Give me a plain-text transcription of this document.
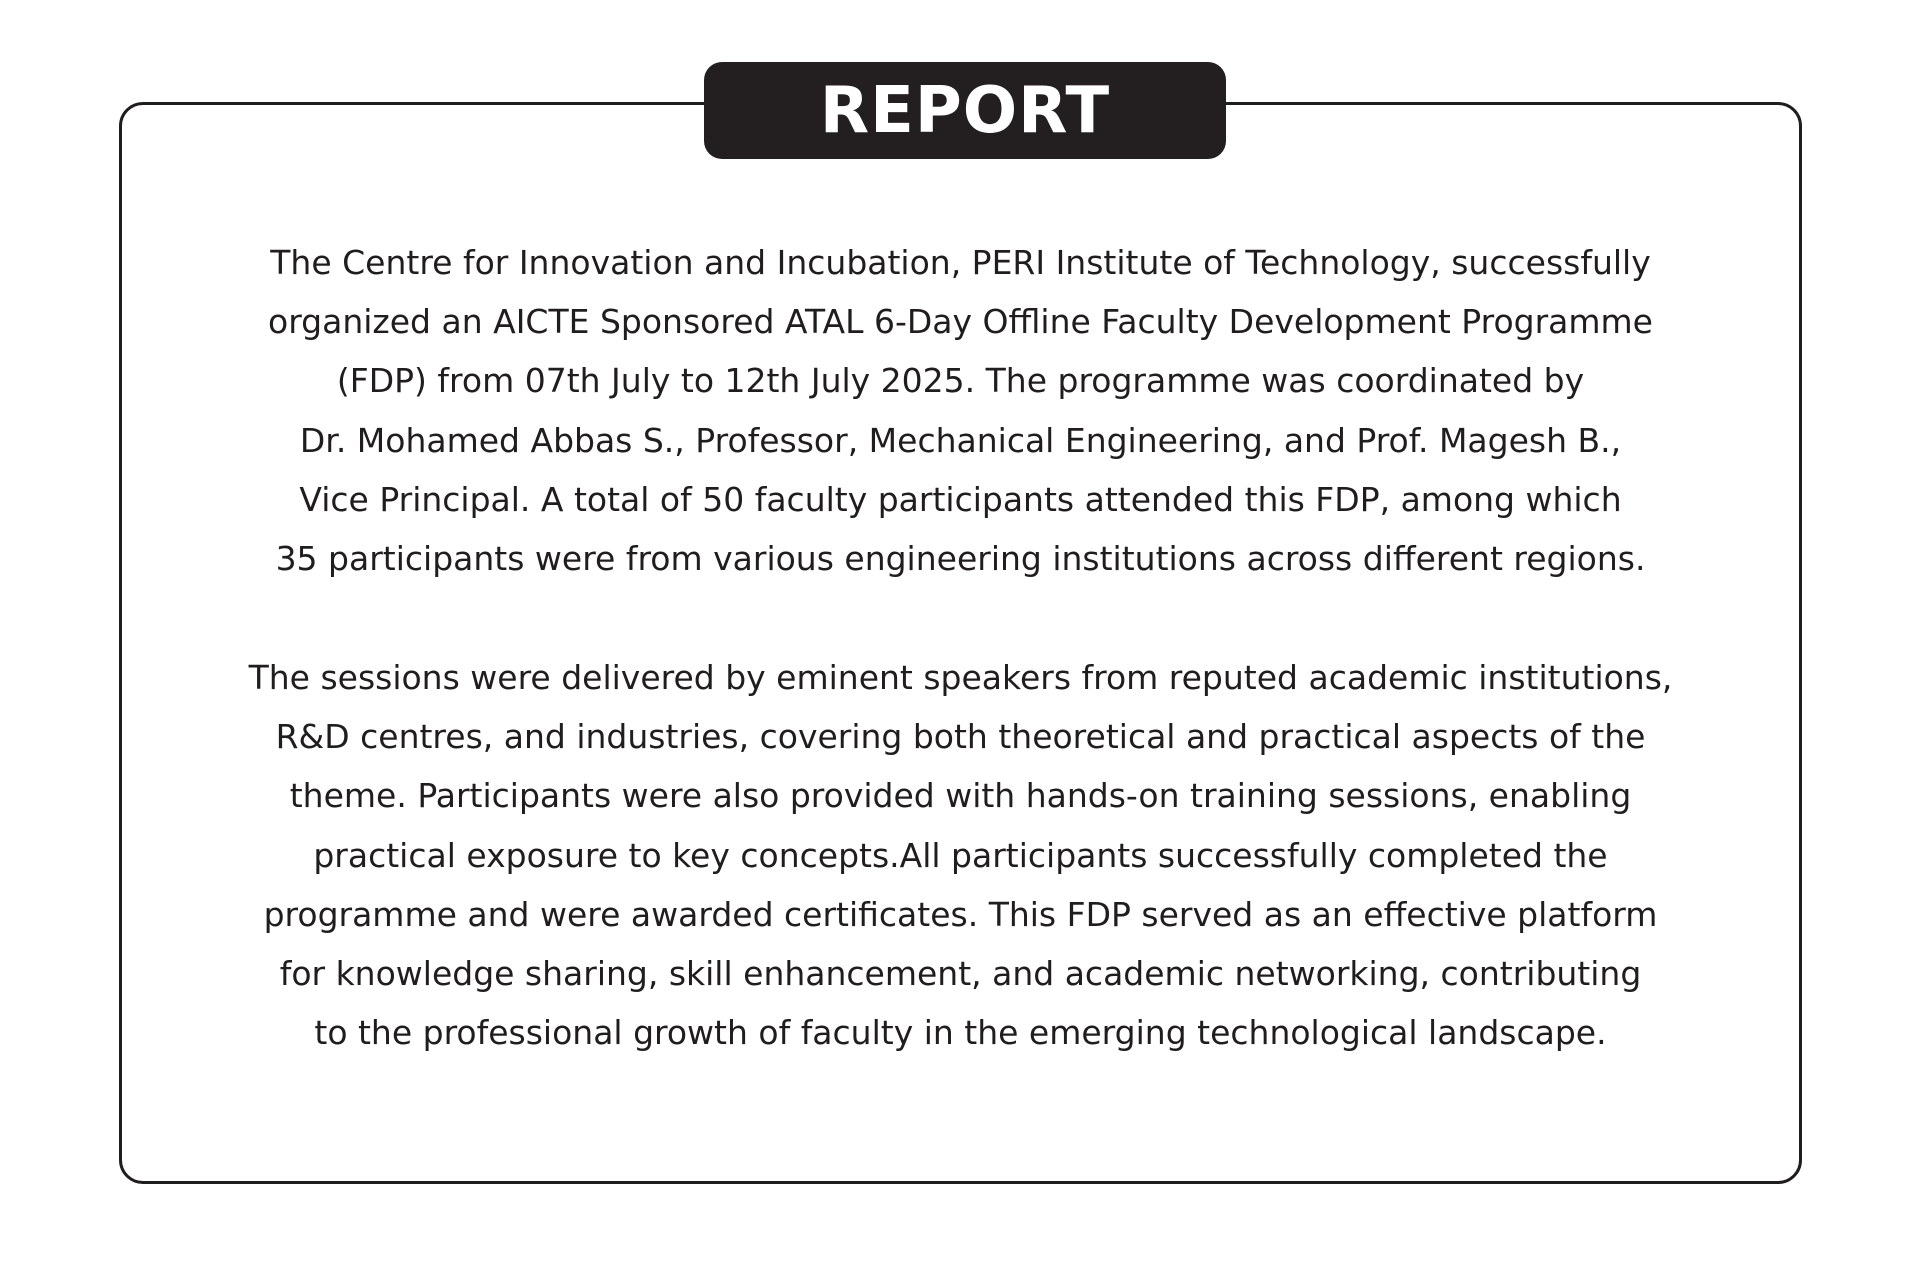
REPORT
The Centre for Innovation and Incubation, PERI Institute of Technology, successfully
organized an AICTE Sponsored ATAL 6-Day Offline Faculty Development Programme
(FDP) from 07th July to 12th July 2025. The programme was coordinated by
Dr. Mohamed Abbas S., Professor, Mechanical Engineering, and Prof. Magesh B.,
Vice Principal. A total of 50 faculty participants attended this FDP, among which
35 participants were from various engineering institutions across different regions.
The sessions were delivered by eminent speakers from reputed academic institutions,
R&D centres, and industries, covering both theoretical and practical aspects of the
theme. Participants were also provided with hands-on training sessions, enabling
practical exposure to key concepts.All participants successfully completed the
programme and were awarded certificates. This FDP served as an effective platform
for knowledge sharing, skill enhancement, and academic networking, contributing
to the professional growth of faculty in the emerging technological landscape.
